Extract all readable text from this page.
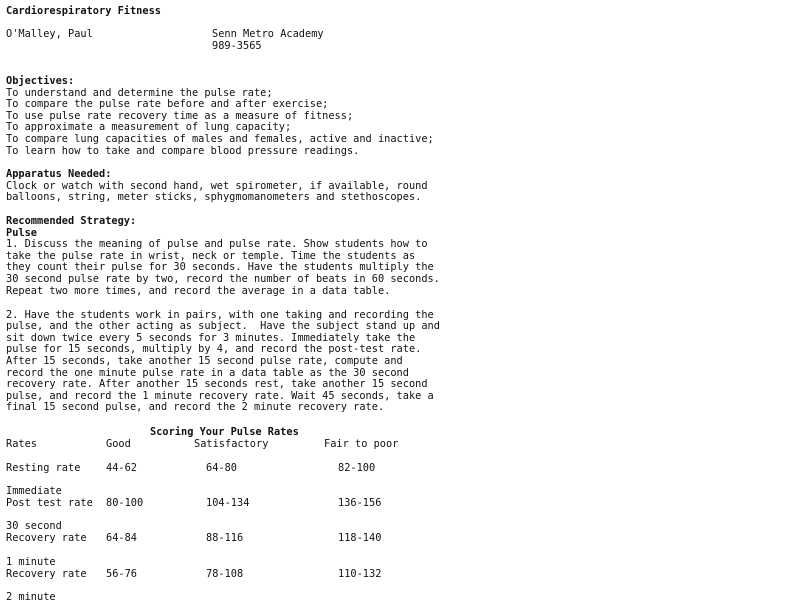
Cardiorespiratory Fitness
O'Malley, Paul	Senn Metro Academy
989-3565
Objectives:
To understand and determine the pulse rate;
To compare the pulse rate before and after exercise;
To use pulse rate recovery time as a measure of fitness;
To approximate a measurement of lung capacity;
To compare lung capacities of males and females, active and inactive;
To learn how to take and compare blood pressure readings.
Apparatus Needed:
Clock or watch with second hand, wet spirometer, if available, round
balloons, string, meter sticks, sphygmomanometers and stethoscopes.
Recommended Strategy:
Pulse
1. Discuss the meaning of pulse and pulse rate. Show students how to
take the pulse rate in wrist, neck or temple. Time the students as
they count their pulse for 30 seconds. Have the students multiply the
30 second pulse rate by two, record the number of beats in 60 seconds.
Repeat two more times, and record the average in a data table.
2. Have the students work in pairs, with one taking and recording the
pulse, and the other acting as subject.  Have the subject stand up and
sit down twice every 5 seconds for 3 minutes. Immediately take the
pulse for 15 seconds, multiply by 4, and record the post-test rate.
After 15 seconds, take another 15 second pulse rate, compute and
record the one minute pulse rate in a data table as the 30 second
recovery rate. After another 15 seconds rest, take another 15 second
pulse, and record the 1 minute recovery rate. Wait 45 seconds, take a
final 15 second pulse, and record the 2 minute recovery rate.
Scoring Your Pulse Rates
Rates	Good	Satisfactory	Fair to poor
Resting rate 44-62	64-80	82-100
Immediate
Post test rate 80-100	104-134	136-156
30 second
Recovery rate 64-84	88-116	118-140
1 minute
Recovery rate 56-76	78-108	110-132
2 minute
